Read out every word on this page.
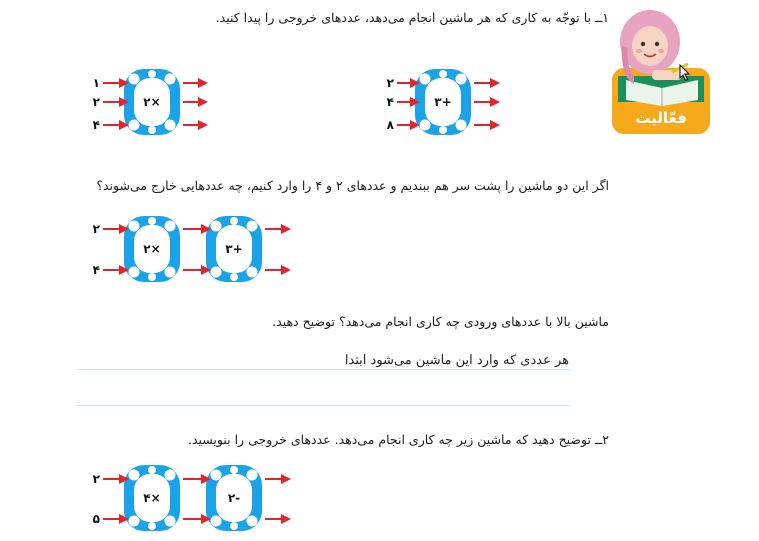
۱ــ با توجّه به کاری که هر ماشین انجام می‌دهد، عددهای خروجی را پیدا کنید.
اگر این دو ماشین را پشت سر هم ببندیم و عددهای ۲ و ۴ را وارد کنیم، چه عددهایی خارج می‌شوند؟
ماشین بالا با عددهای ورودی چه کاری انجام می‌دهد؟ توضیح دهید.
۲ــ توضیح دهید که ماشین زیر چه کاری انجام می‌دهد. عددهای خروجی را بنویسید.
هر عددی که وارد این ماشین می‌شود ابتدا
فعّالیت
۳+
۲
۴
۸
۲×
۱
۲
۴
۲×	۳+
۲
۴
۴×	۲-
۲
۵
